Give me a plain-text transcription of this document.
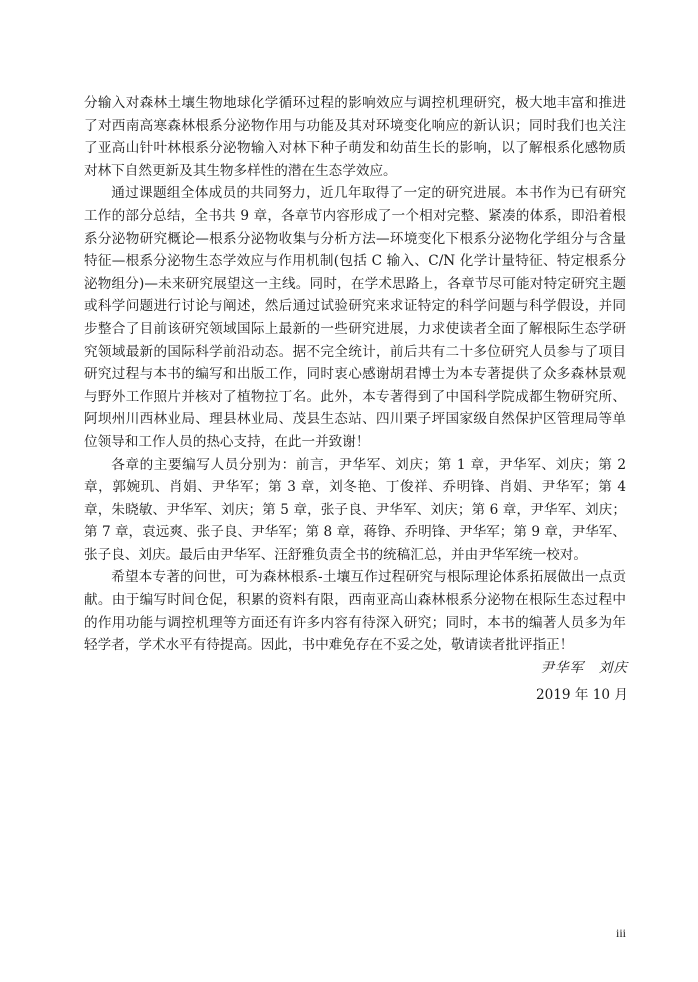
分输入对森林土壤生物地球化学循环过程的影响效应与调控机理研究，极大地丰富和推进了对西南高寒森林根系分泌物作用与功能及其对环境变化响应的新认识；同时我们也关注了亚高山针叶林根系分泌物输入对林下种子萌发和幼苗生长的影响，以了解根系化感物质对林下自然更新及其生物多样性的潜在生态学效应。

通过课题组全体成员的共同努力，近几年取得了一定的研究进展。本书作为已有研究工作的部分总结，全书共 9 章，各章节内容形成了一个相对完整、紧凑的体系，即沿着根系分泌物研究概论—根系分泌物收集与分析方法—环境变化下根系分泌物化学组分与含量特征—根系分泌物生态学效应与作用机制(包括 C 输入、C/N 化学计量特征、特定根系分泌物组分)—未来研究展望这一主线。同时，在学术思路上，各章节尽可能对特定研究主题或科学问题进行讨论与阐述，然后通过试验研究来求证特定的科学问题与科学假设，并同步整合了目前该研究领域国际上最新的一些研究进展，力求使读者全面了解根际生态学研究领域最新的国际科学前沿动态。据不完全统计，前后共有二十多位研究人员参与了项目研究过程与本书的编写和出版工作，同时衷心感谢胡君博士为本专著提供了众多森林景观与野外工作照片并核对了植物拉丁名。此外，本专著得到了中国科学院成都生物研究所、阿坝州川西林业局、理县林业局、茂县生态站、四川栗子坪国家级自然保护区管理局等单位领导和工作人员的热心支持，在此一并致谢！

各章的主要编写人员分别为：前言，尹华军、刘庆；第 1 章，尹华军、刘庆；第 2 章，郭婉玑、肖娟、尹华军；第 3 章，刘冬艳、丁俊祥、乔明锋、肖娟、尹华军；第 4 章，朱晓敏、尹华军、刘庆；第 5 章，张子良、尹华军、刘庆；第 6 章，尹华军、刘庆；第 7 章，袁远爽、张子良、尹华军；第 8 章，蒋铮、乔明锋、尹华军；第 9 章，尹华军、张子良、刘庆。最后由尹华军、汪舒雅负责全书的统稿汇总，并由尹华军统一校对。

希望本专著的问世，可为森林根系-土壤互作过程研究与根际理论体系拓展做出一点贡献。由于编写时间仓促，积累的资料有限，西南亚高山森林根系分泌物在根际生态过程中的作用功能与调控机理等方面还有许多内容有待深入研究；同时，本书的编著人员多为年轻学者，学术水平有待提高。因此，书中难免存在不妥之处，敬请读者批评指正！

尹华军　刘庆
2019 年 10 月
iii
